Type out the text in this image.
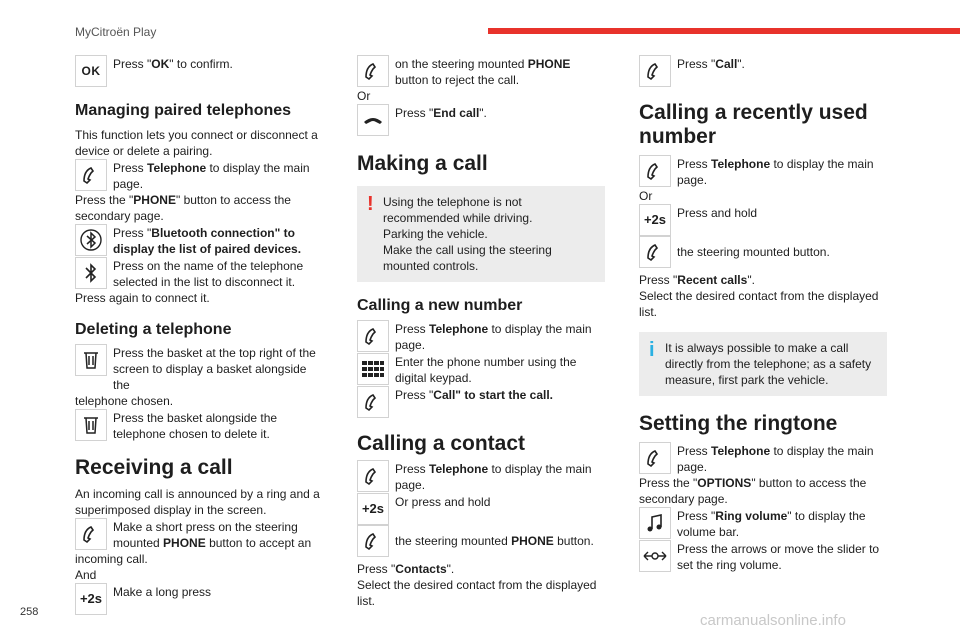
MyCitroën Play
OK Press "OK" to confirm.
Managing paired telephones

This function lets you connect or disconnect a

device or delete a pairing.

Press Telephone to display the main page.

Press the "PHONE" button to access the secondary page.

Press "Bluetooth connection" to display the list of paired devices.
Press on the name of the telephone selected in the list to disconnect it.

Press again to connect it.

Deleting a telephone
Press the basket at the top right of the screen to display a basket alongside the

telephone chosen.

Press the basket alongside the telephone chosen to delete it.
Receiving a call

An incoming call is announced by a ring and a

superimposed display in the screen.

Make a short press on the steering mounted PHONE button to accept an

incoming call.

And

+2s Make a long press
on the steering mounted PHONE button to reject the call.

Or

Press "End call".
Making a call
! Using the telephone is not recommended while driving.

Parking the vehicle.

Make the call using the steering mounted controls.

Calling a new number
Press Telephone to display the main page.
Enter the phone number using the digital keypad.
Press "Call" to start the call.
Calling a contact
Press Telephone to display the main page.
+2s Or press and hold
the steering mounted PHONE button.

Press "Contacts".

Select the desired contact from the displayed list.

Press "Call".
Calling a recently used number
Press Telephone to display the main page.

Or

+2s Press and hold
the steering mounted button.

Press "Recent calls".

Select the desired contact from the displayed list.

i It is always possible to make a call directly from the telephone; as a safety

measure, first park the vehicle.

Setting the ringtone
Press Telephone to display the main page.

Press the "OPTIONS" button to access the secondary page.

Press "Ring volume" to display the volume bar.
Press the arrows or move the slider to set the ring volume.
258	carmanualsonline.info
